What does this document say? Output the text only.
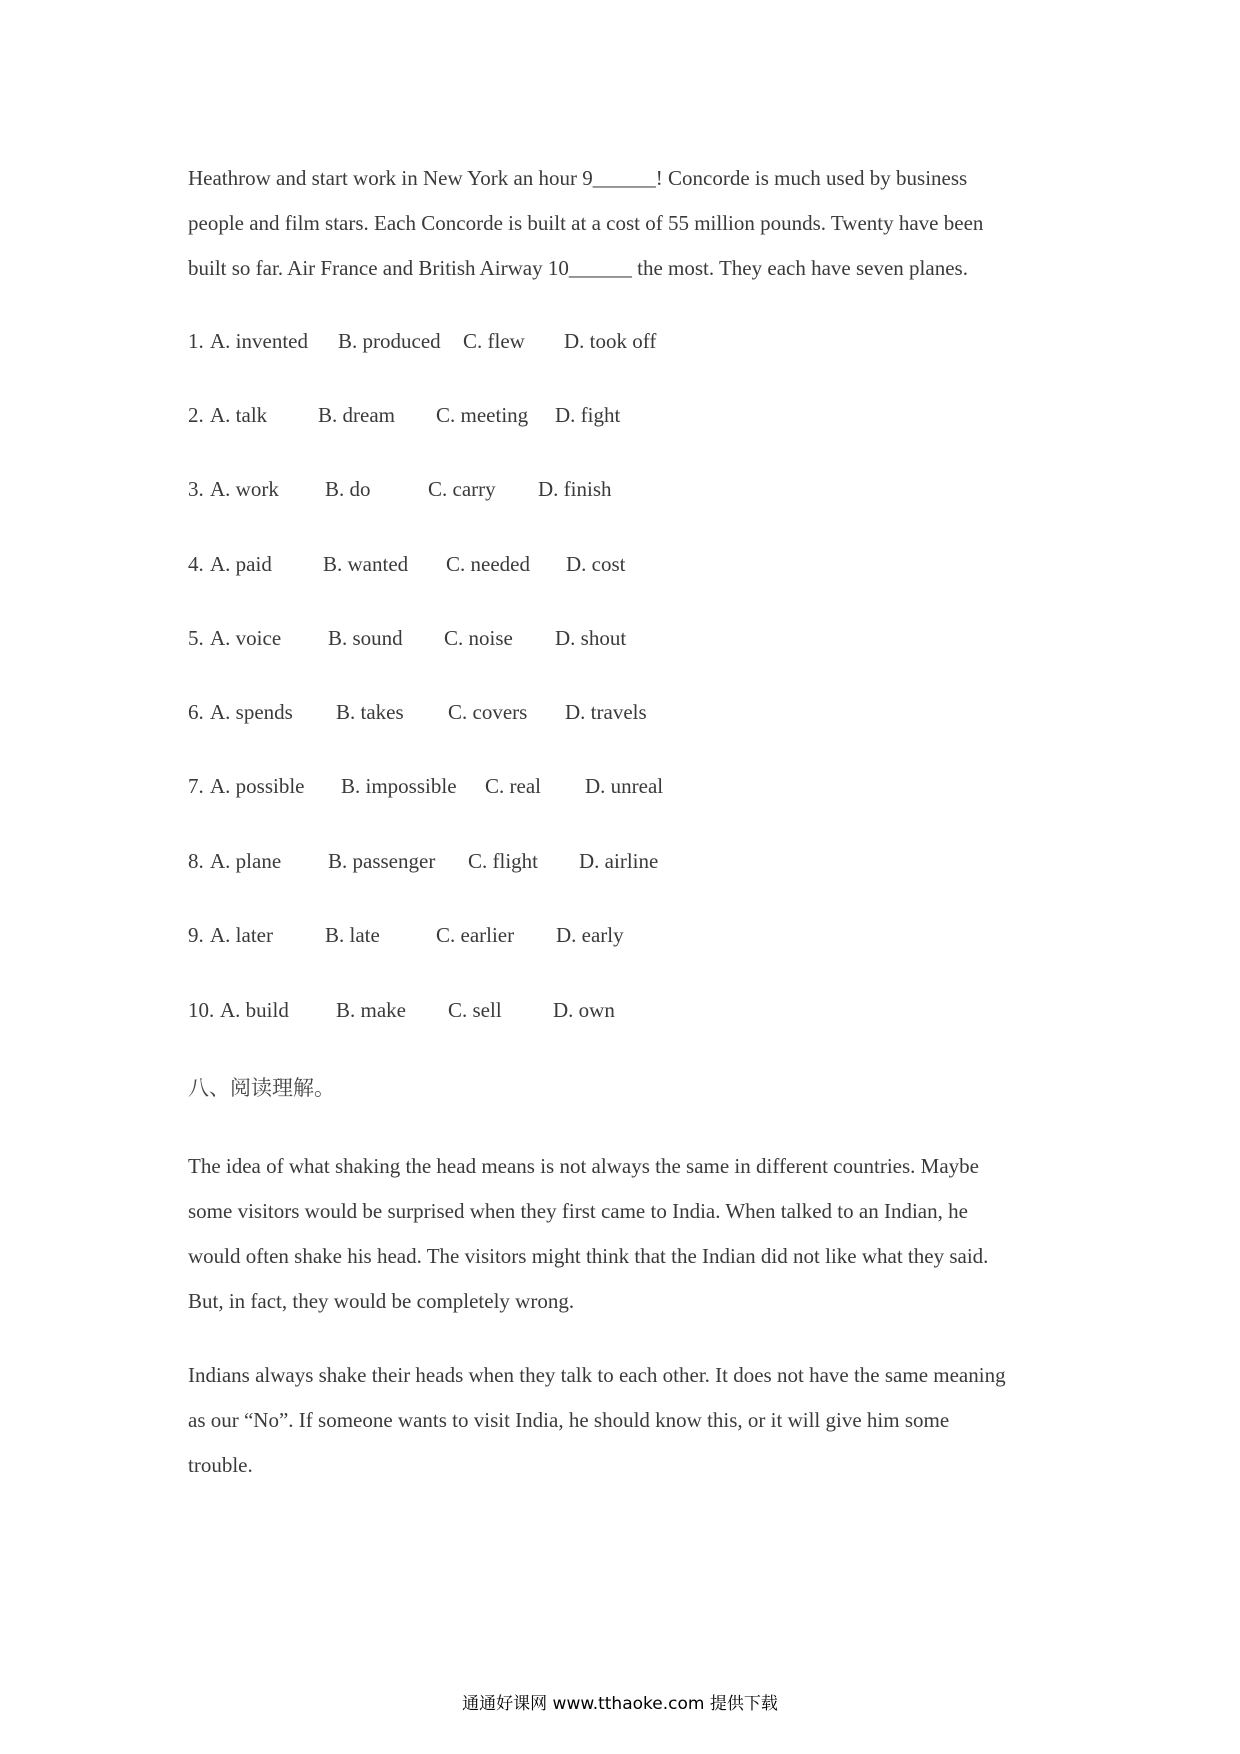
Heathrow and start work in New York an hour 9______! Concorde is much used by business
people and film stars. Each Concorde is built at a cost of 55 million pounds. Twenty have been
built so far. Air France and British Airway 10______ the most. They each have seven planes.
1. A. invented B. produced C. flew D. took off
2. A. talk B. dream C. meeting D. fight
3. A. work B. do	C. carry D. finish
4. A. paid B. wanted C. needed D. cost
5. A. voice B. sound C. noise D. shout
6. A. spends B. takes C. covers D. travels
7. A. possible B. impossible C. real D. unreal
8. A. plane B. passenger C. flight D. airline
9. A. later B. late	C. earlier D. early
10. A. build B. make C. sell D. own
八、阅读理解。
The idea of what shaking the head means is not always the same in different countries. Maybe
some visitors would be surprised when they first came to India. When talked to an Indian, he
would often shake his head. The visitors might think that the Indian did not like what they said.
But, in fact, they would be completely wrong.
Indians always shake their heads when they talk to each other. It does not have the same meaning
as our “No”. If someone wants to visit India, he should know this, or it will give him some
trouble.
通通好课网 www.tthaoke.com 提供下载
